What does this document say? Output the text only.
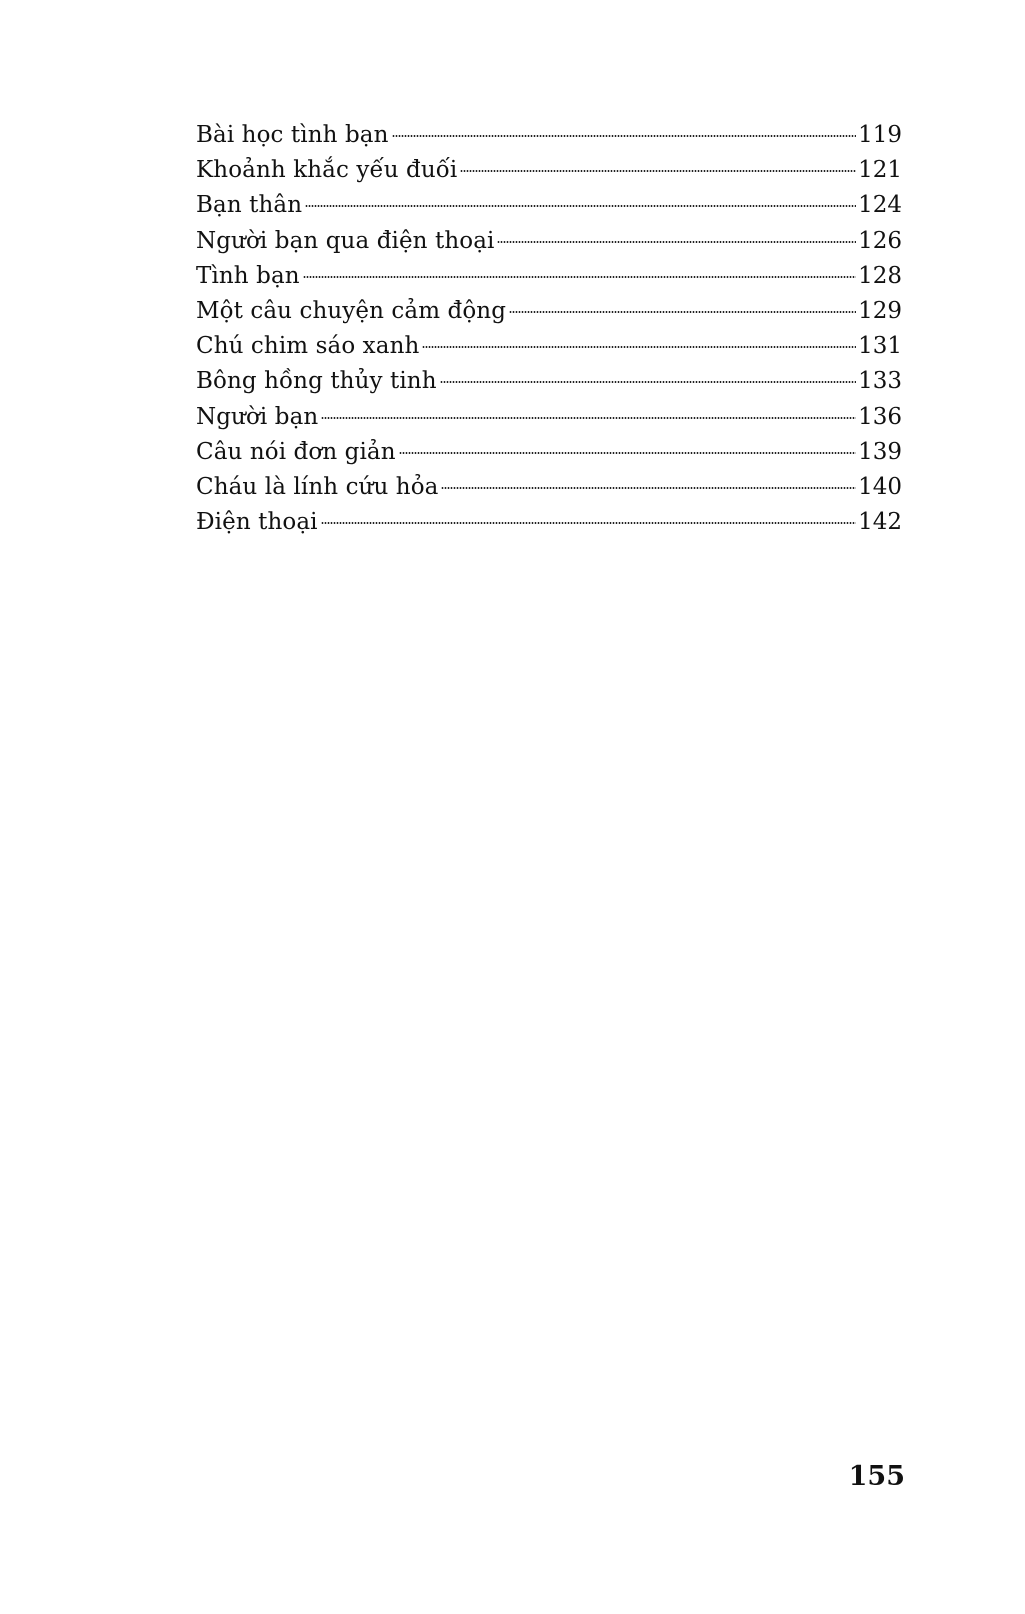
Bài học tình bạn	119
Khoảnh khắc yếu đuối	121
Bạn thân	124
Người bạn qua điện thoại	126
Tình bạn	128
Một câu chuyện cảm động	129
Chú chim sáo xanh	131
Bông hồng thủy tinh	133
Người bạn	136
Câu nói đơn giản	139
Cháu là lính cứu hỏa	140
Điện thoại	142
155
